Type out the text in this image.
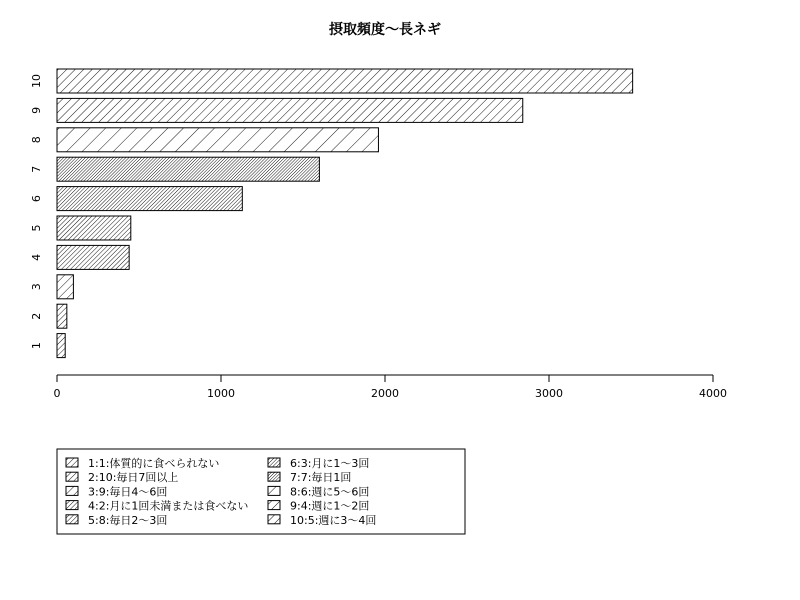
摂取頻度〜長ネギ
1
2
3
4
5
6
7
8
9
10
0	1000	2000	3000	4000
1:1:体質的に食べられない
2:10:毎日7回以上
3:9:毎日4〜6回
4:2:月に1回未満または食べない
5:8:毎日2〜3回
6:3:月に1〜3回
7:7:毎日1回
8:6:週に5〜6回
9:4:週に1〜2回
10:5:週に3〜4回
